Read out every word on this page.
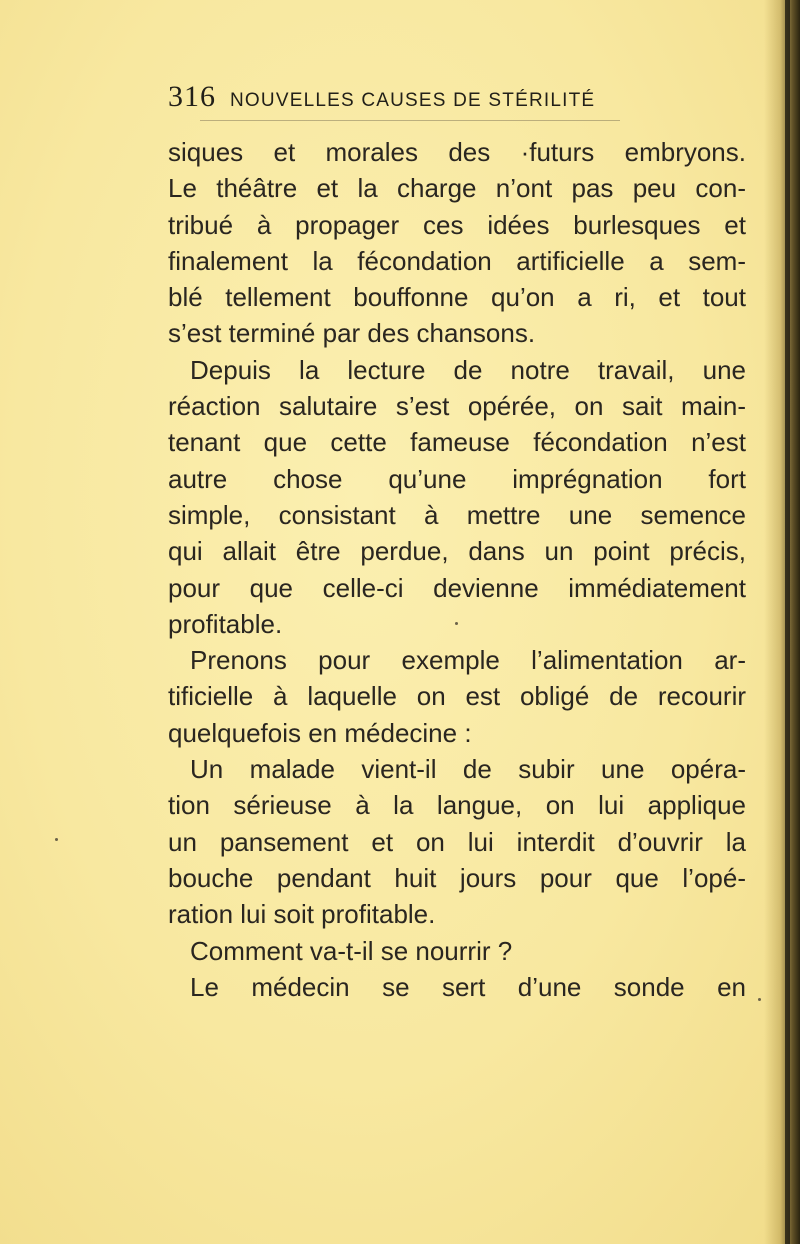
316 NOUVELLES CAUSES DE STÉRILITÉ
siques et morales des ·futurs embryons.
Le théâtre et la charge n’ont pas peu con-
tribué à propager ces idées burlesques et
finalement la fécondation artificielle a sem-
blé tellement bouffonne qu’on a ri, et tout
s’est terminé par des chansons.
Depuis la lecture de notre travail, une
réaction salutaire s’est opérée, on sait main-
tenant que cette fameuse fécondation n’est
autre chose qu’une imprégnation fort
simple, consistant à mettre une semence
qui allait être perdue, dans un point précis,
pour que celle-ci devienne immédiatement
profitable.
Prenons pour exemple l’alimentation ar-
tificielle à laquelle on est obligé de recourir
quelquefois en médecine :
Un malade vient-il de subir une opéra-
tion sérieuse à la langue, on lui applique
un pansement et on lui interdit d’ouvrir la
bouche pendant huit jours pour que l’opé-
ration lui soit profitable.
Comment va-t-il se nourrir ?
Le médecin se sert d’une sonde en
